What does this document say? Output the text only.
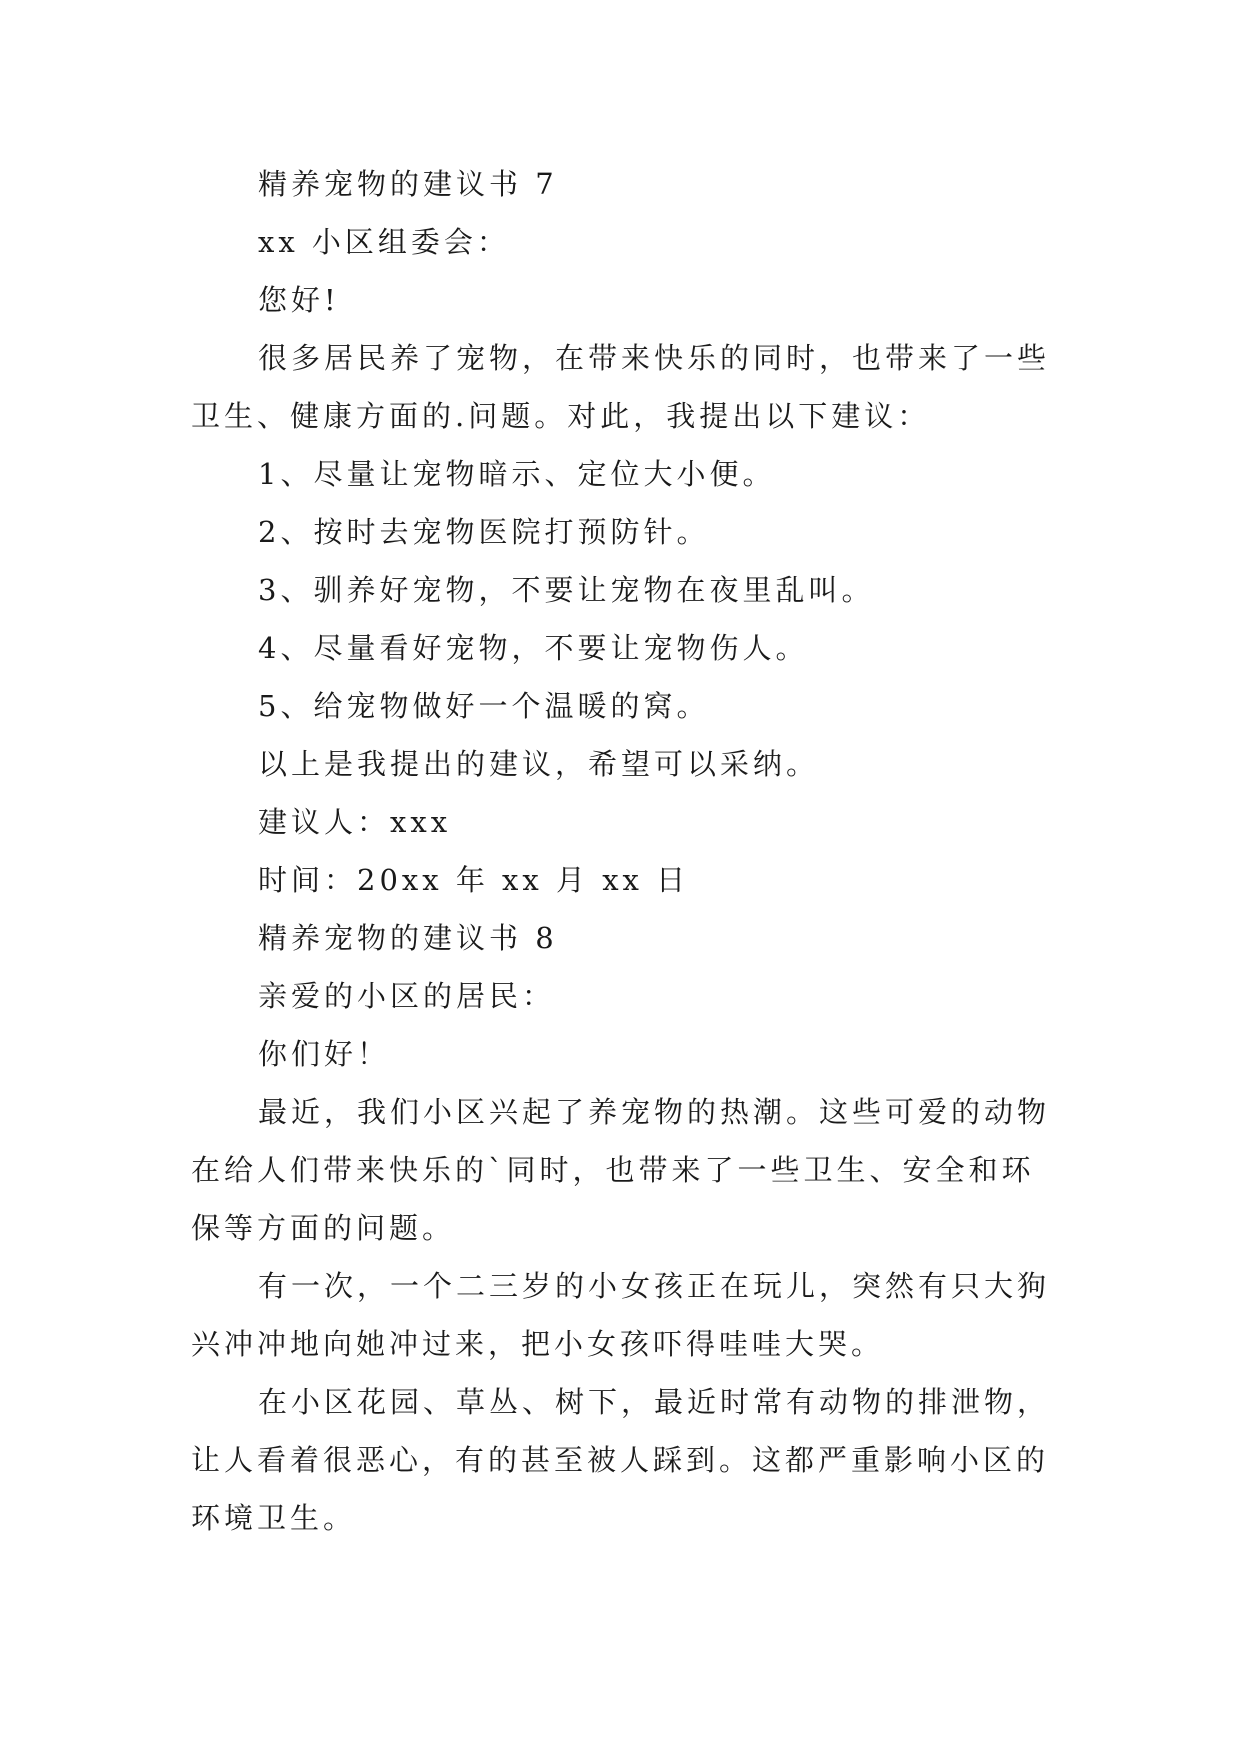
精养宠物的建议书 7
xx 小区组委会：
您好!
很多居民养了宠物，在带来快乐的同时，也带来了一些
卫生、健康方面的.问题。对此，我提出以下建议：
1、尽量让宠物暗示、定位大小便。
2、按时去宠物医院打预防针。
3、驯养好宠物，不要让宠物在夜里乱叫。
4、尽量看好宠物，不要让宠物伤人。
5、给宠物做好一个温暖的窝。
以上是我提出的建议，希望可以采纳。
建议人：xxx
时间：20xx 年 xx 月 xx 日
精养宠物的建议书 8
亲爱的小区的居民：
你们好！
最近，我们小区兴起了养宠物的热潮。这些可爱的动物
在给人们带来快乐的`同时，也带来了一些卫生、安全和环
保等方面的问题。
有一次，一个二三岁的小女孩正在玩儿，突然有只大狗
兴冲冲地向她冲过来，把小女孩吓得哇哇大哭。
在小区花园、草丛、树下，最近时常有动物的排泄物，
让人看着很恶心，有的甚至被人踩到。这都严重影响小区的
环境卫生。
